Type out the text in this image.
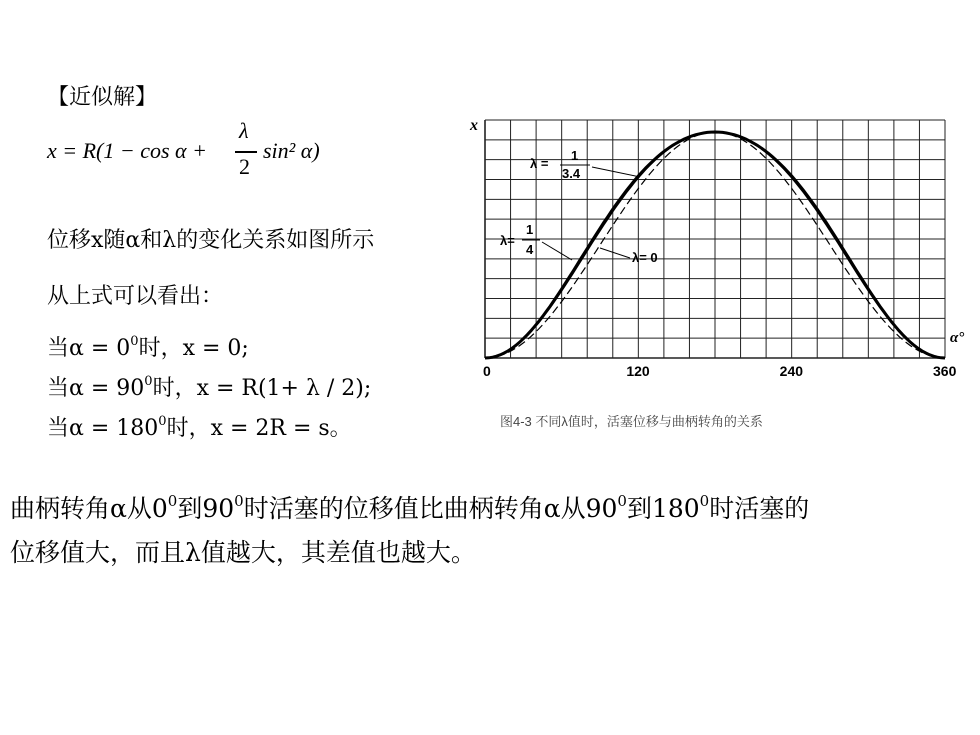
【近似解】
x = R(1 − cos α +
λ
2
sin² α)
位移x随α和λ的变化关系如图所示
从上式可以看出：
当$\alpha = 0^0$时，x = 0;
当$\alpha = 90^0$时，x = R(1+ λ / 2);
当$\alpha = 180^0$时，x = 2R = s。
曲柄转角α从$0^0$到$90^0$时活塞的位移值比曲柄转角α从$90^0$到$180^0$时活塞的
位移值大，而且λ值越大，其差值也越大。
x
α°
0	120	240	360
λ =
1
3.4
λ=
1
4
λ= 0
图4-3 不同λ值时，活塞位移与曲柄转角的关系
